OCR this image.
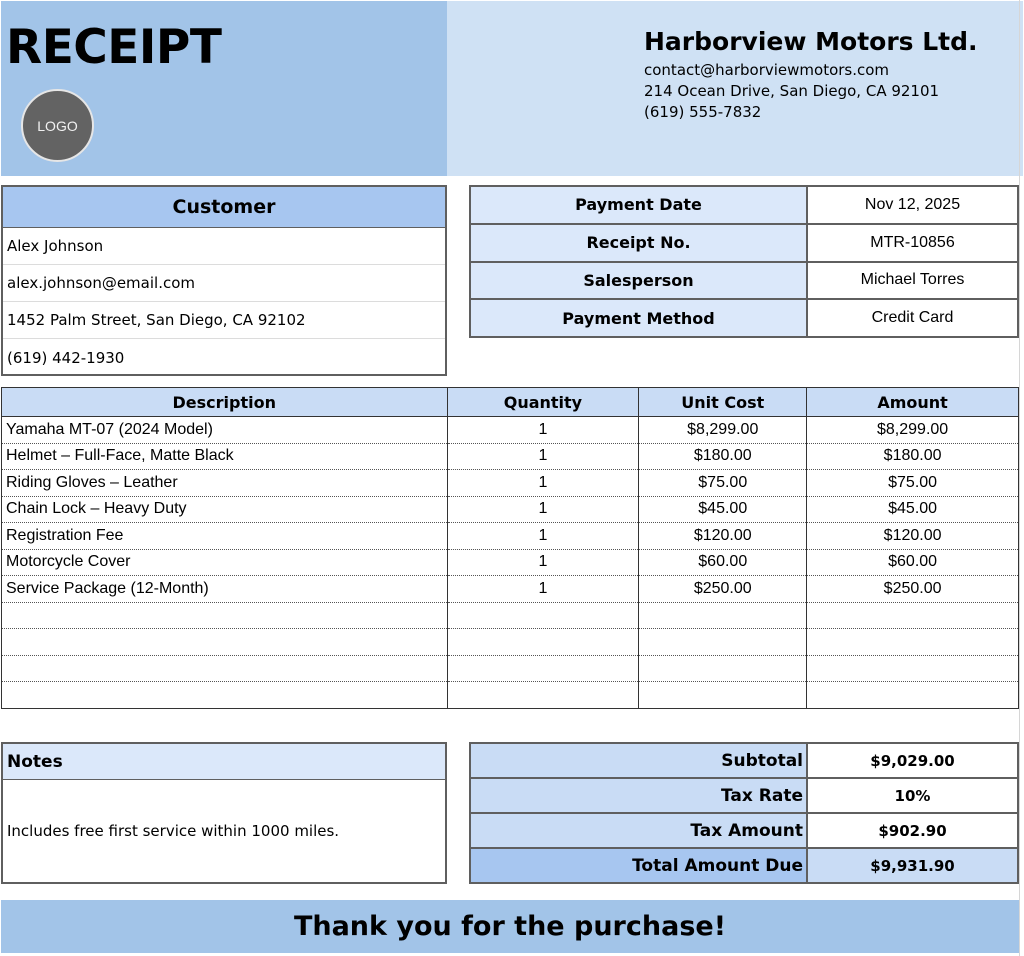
RECEIPT
LOGO
Harborview Motors Ltd.
contact@harborviewmotors.com
214 Ocean Drive, San Diego, CA 92101
(619) 555-7832
Customer
Alex Johnson
alex.johnson@email.com
1452 Palm Street, San Diego, CA 92102
(619) 442-1930
Payment Date	Nov 12, 2025
Receipt No.	MTR-10856
Salesperson	Michael Torres
Payment Method	Credit Card
Description	Quantity	Unit Cost	Amount
Yamaha MT-07 (2024 Model)	1	$8,299.00	$8,299.00
Helmet – Full-Face, Matte Black	1	$180.00	$180.00
Riding Gloves – Leather	1	$75.00	$75.00
Chain Lock – Heavy Duty	1	$45.00	$45.00
Registration Fee	1	$120.00	$120.00
Motorcycle Cover	1	$60.00	$60.00
Service Package (12-Month)	1	$250.00	$250.00

Notes
Includes free first service within 1000 miles.
Subtotal	$9,029.00
Tax Rate	10%
Tax Amount	$902.90
Total Amount Due	$9,931.90
Thank you for the purchase!
